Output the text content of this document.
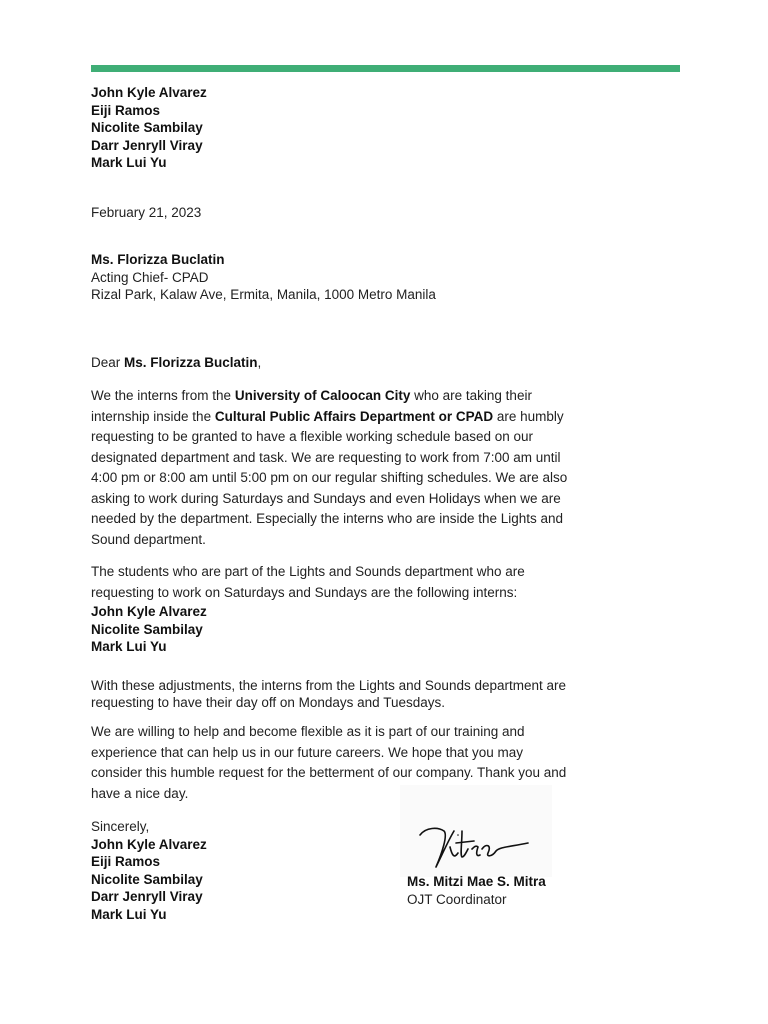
John Kyle Alvarez
Eiji Ramos
Nicolite Sambilay
Darr Jenryll Viray
Mark Lui Yu
February 21, 2023
Ms. Florizza Buclatin
Acting Chief- CPAD
Rizal Park, Kalaw Ave, Ermita, Manila, 1000 Metro Manila
Dear Ms. Florizza Buclatin,

We the interns from the University of Caloocan City who are taking their internship inside the Cultural Public Affairs Department or CPAD are humbly requesting to be granted to have a flexible working schedule based on our designated department and task. We are requesting to work from 7:00 am until 4:00 pm or 8:00 am until 5:00 pm on our regular shifting schedules. We are also asking to work during Saturdays and Sundays and even Holidays when we are needed by the department. Especially the interns who are inside the Lights and Sound department.

The students who are part of the Lights and Sounds department who are requesting to work on Saturdays and Sundays are the following interns:

John Kyle Alvarez
Nicolite Sambilay
Mark Lui Yu

With these adjustments, the interns from the Lights and Sounds department are requesting to have their day off on Mondays and Tuesdays.

We are willing to help and become flexible as it is part of our training and experience that can help us in our future careers. We hope that you may consider this humble request for the betterment of our company. Thank you and have a nice day.

Sincerely,
John Kyle Alvarez
Eiji Ramos
Nicolite Sambilay
Darr Jenryll Viray
Mark Lui Yu
Ms. Mitzi Mae S. Mitra
OJT Coordinator
